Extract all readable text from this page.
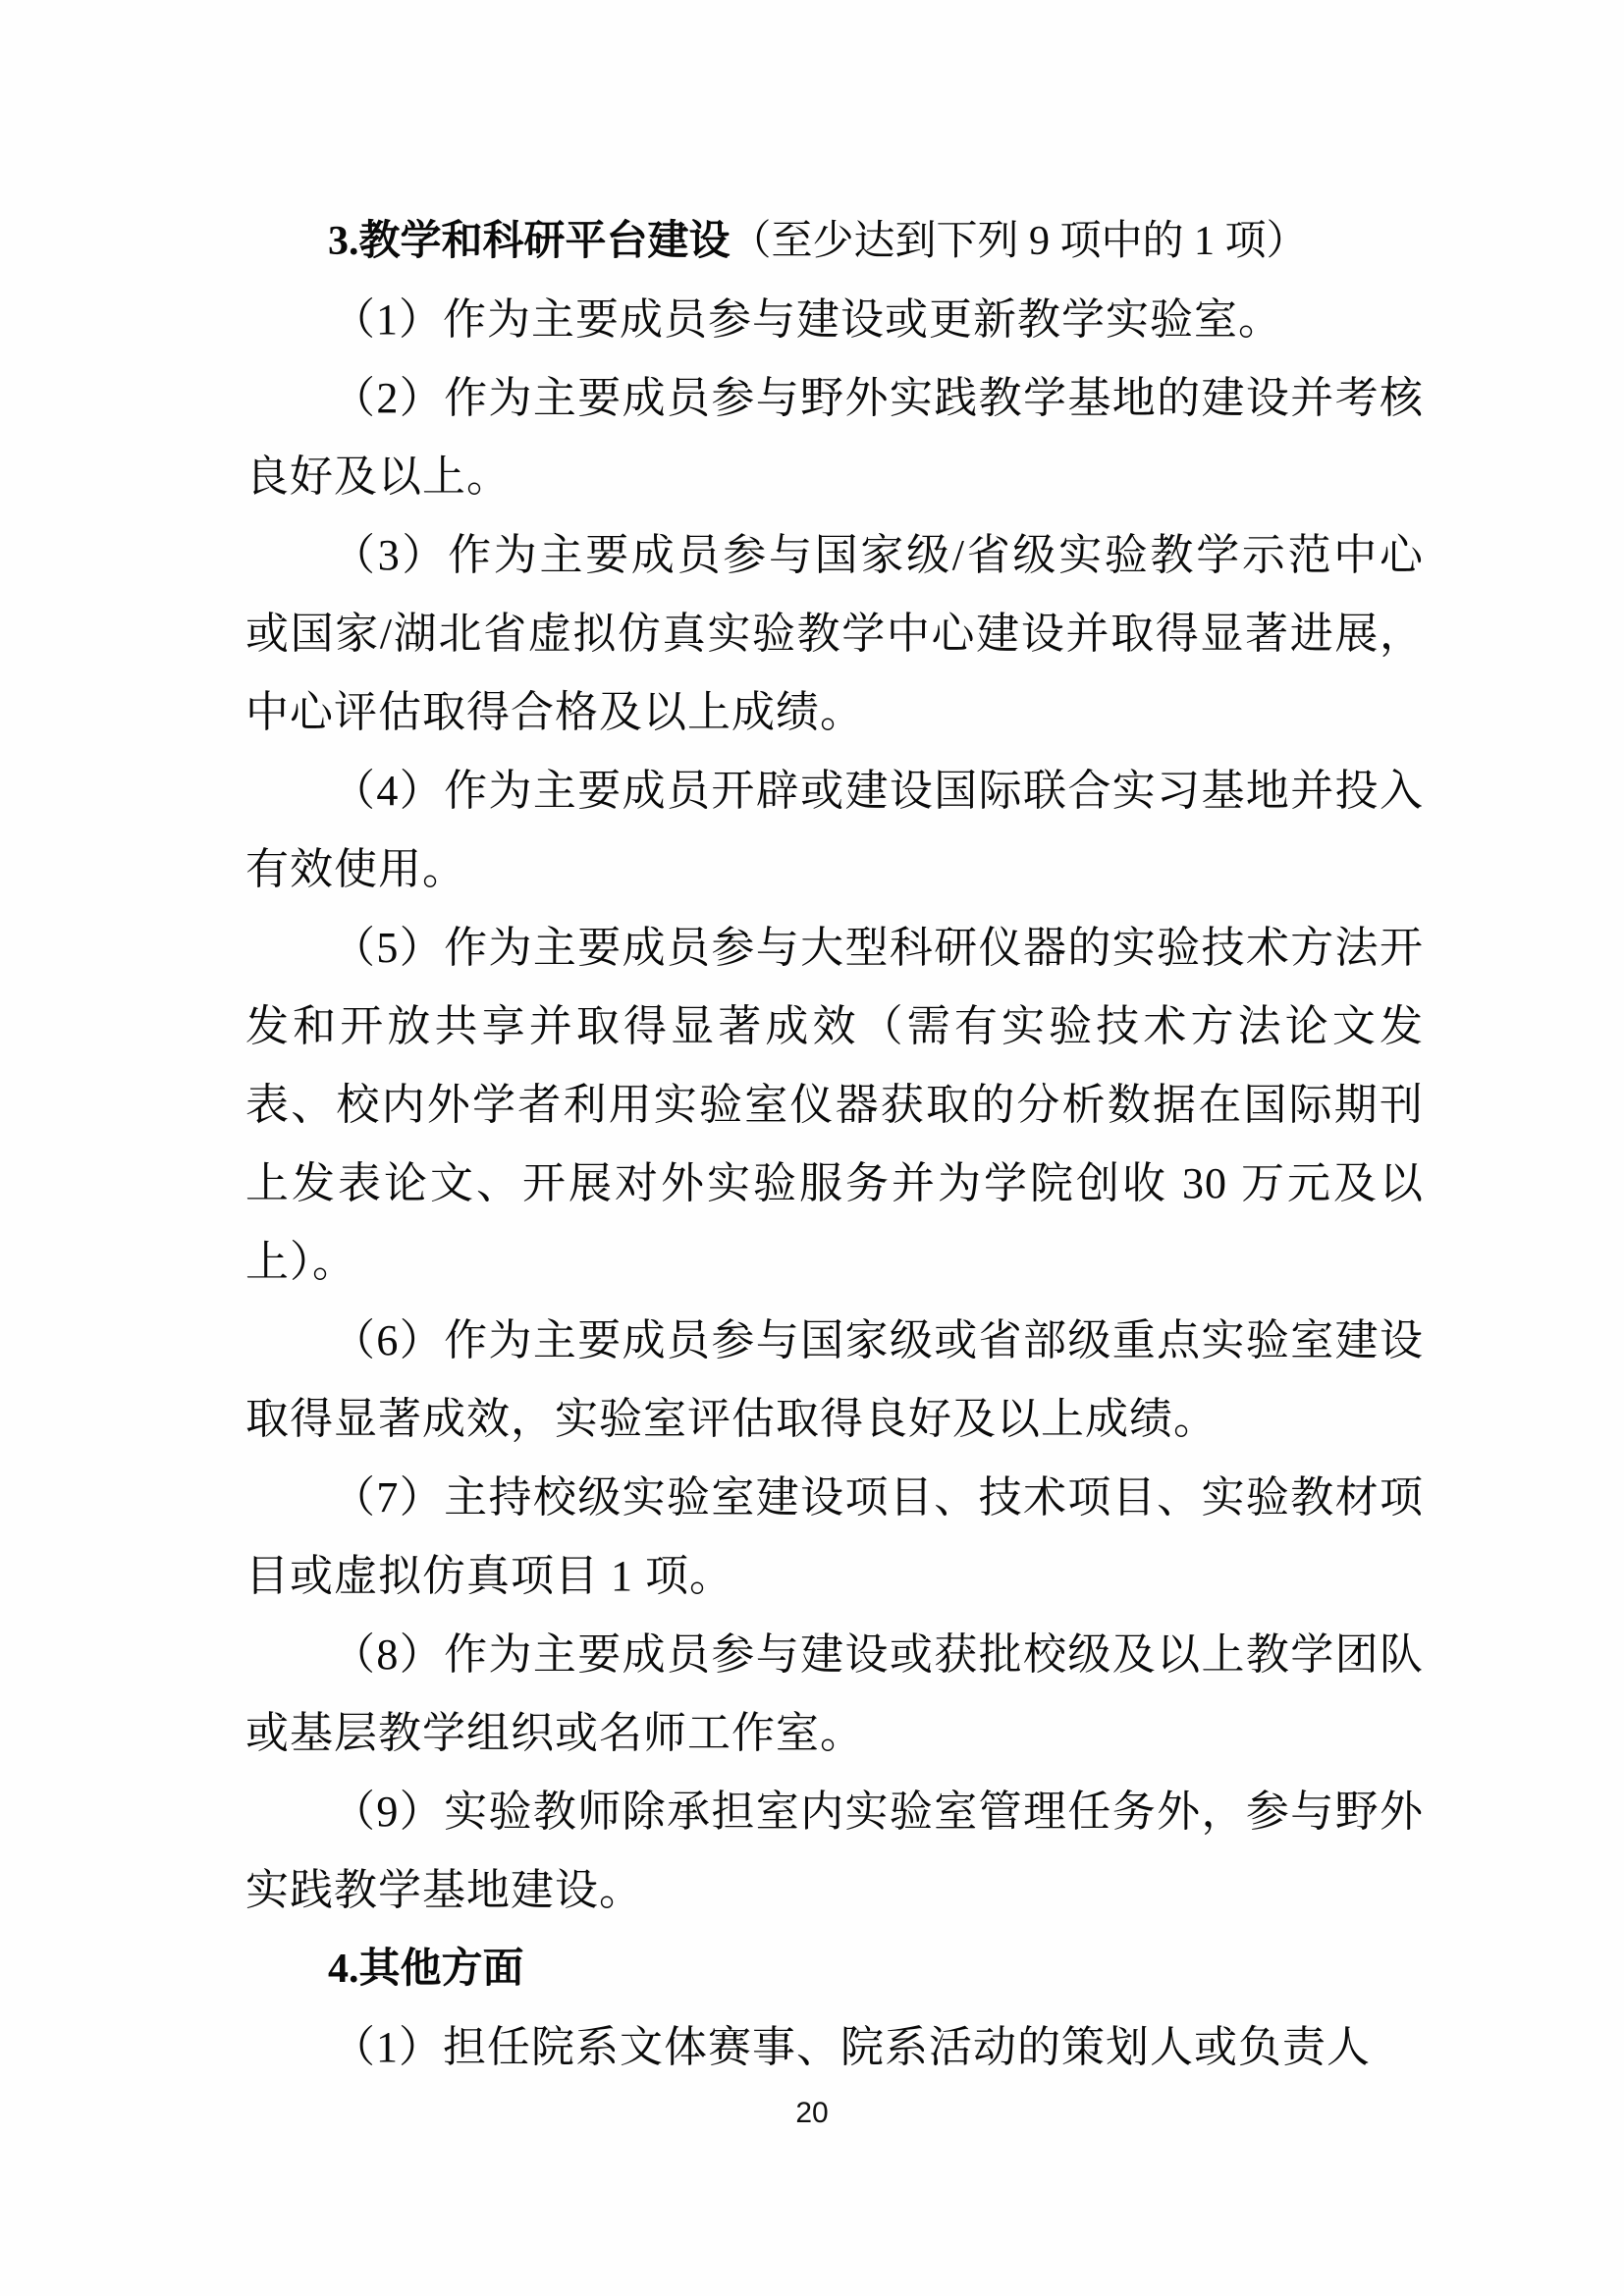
3.教学和科研平台建设（至少达到下列 9 项中的 1 项）

（1）作为主要成员参与建设或更新教学实验室。

（2）作为主要成员参与野外实践教学基地的建设并考核良好及以上。

（3）作为主要成员参与国家级/省级实验教学示范中心或国家/湖北省虚拟仿真实验教学中心建设并取得显著进展，中心评估取得合格及以上成绩。

（4）作为主要成员开辟或建设国际联合实习基地并投入有效使用。

（5）作为主要成员参与大型科研仪器的实验技术方法开发和开放共享并取得显著成效（需有实验技术方法论文发表、校内外学者利用实验室仪器获取的分析数据在国际期刊上发表论文、开展对外实验服务并为学院创收 30 万元及以上）。

（6）作为主要成员参与国家级或省部级重点实验室建设取得显著成效，实验室评估取得良好及以上成绩。

（7）主持校级实验室建设项目、技术项目、实验教材项目或虚拟仿真项目 1 项。

（8）作为主要成员参与建设或获批校级及以上教学团队或基层教学组织或名师工作室。

（9）实验教师除承担室内实验室管理任务外，参与野外实践教学基地建设。

4.其他方面

（1）担任院系文体赛事、院系活动的策划人或负责人

20
